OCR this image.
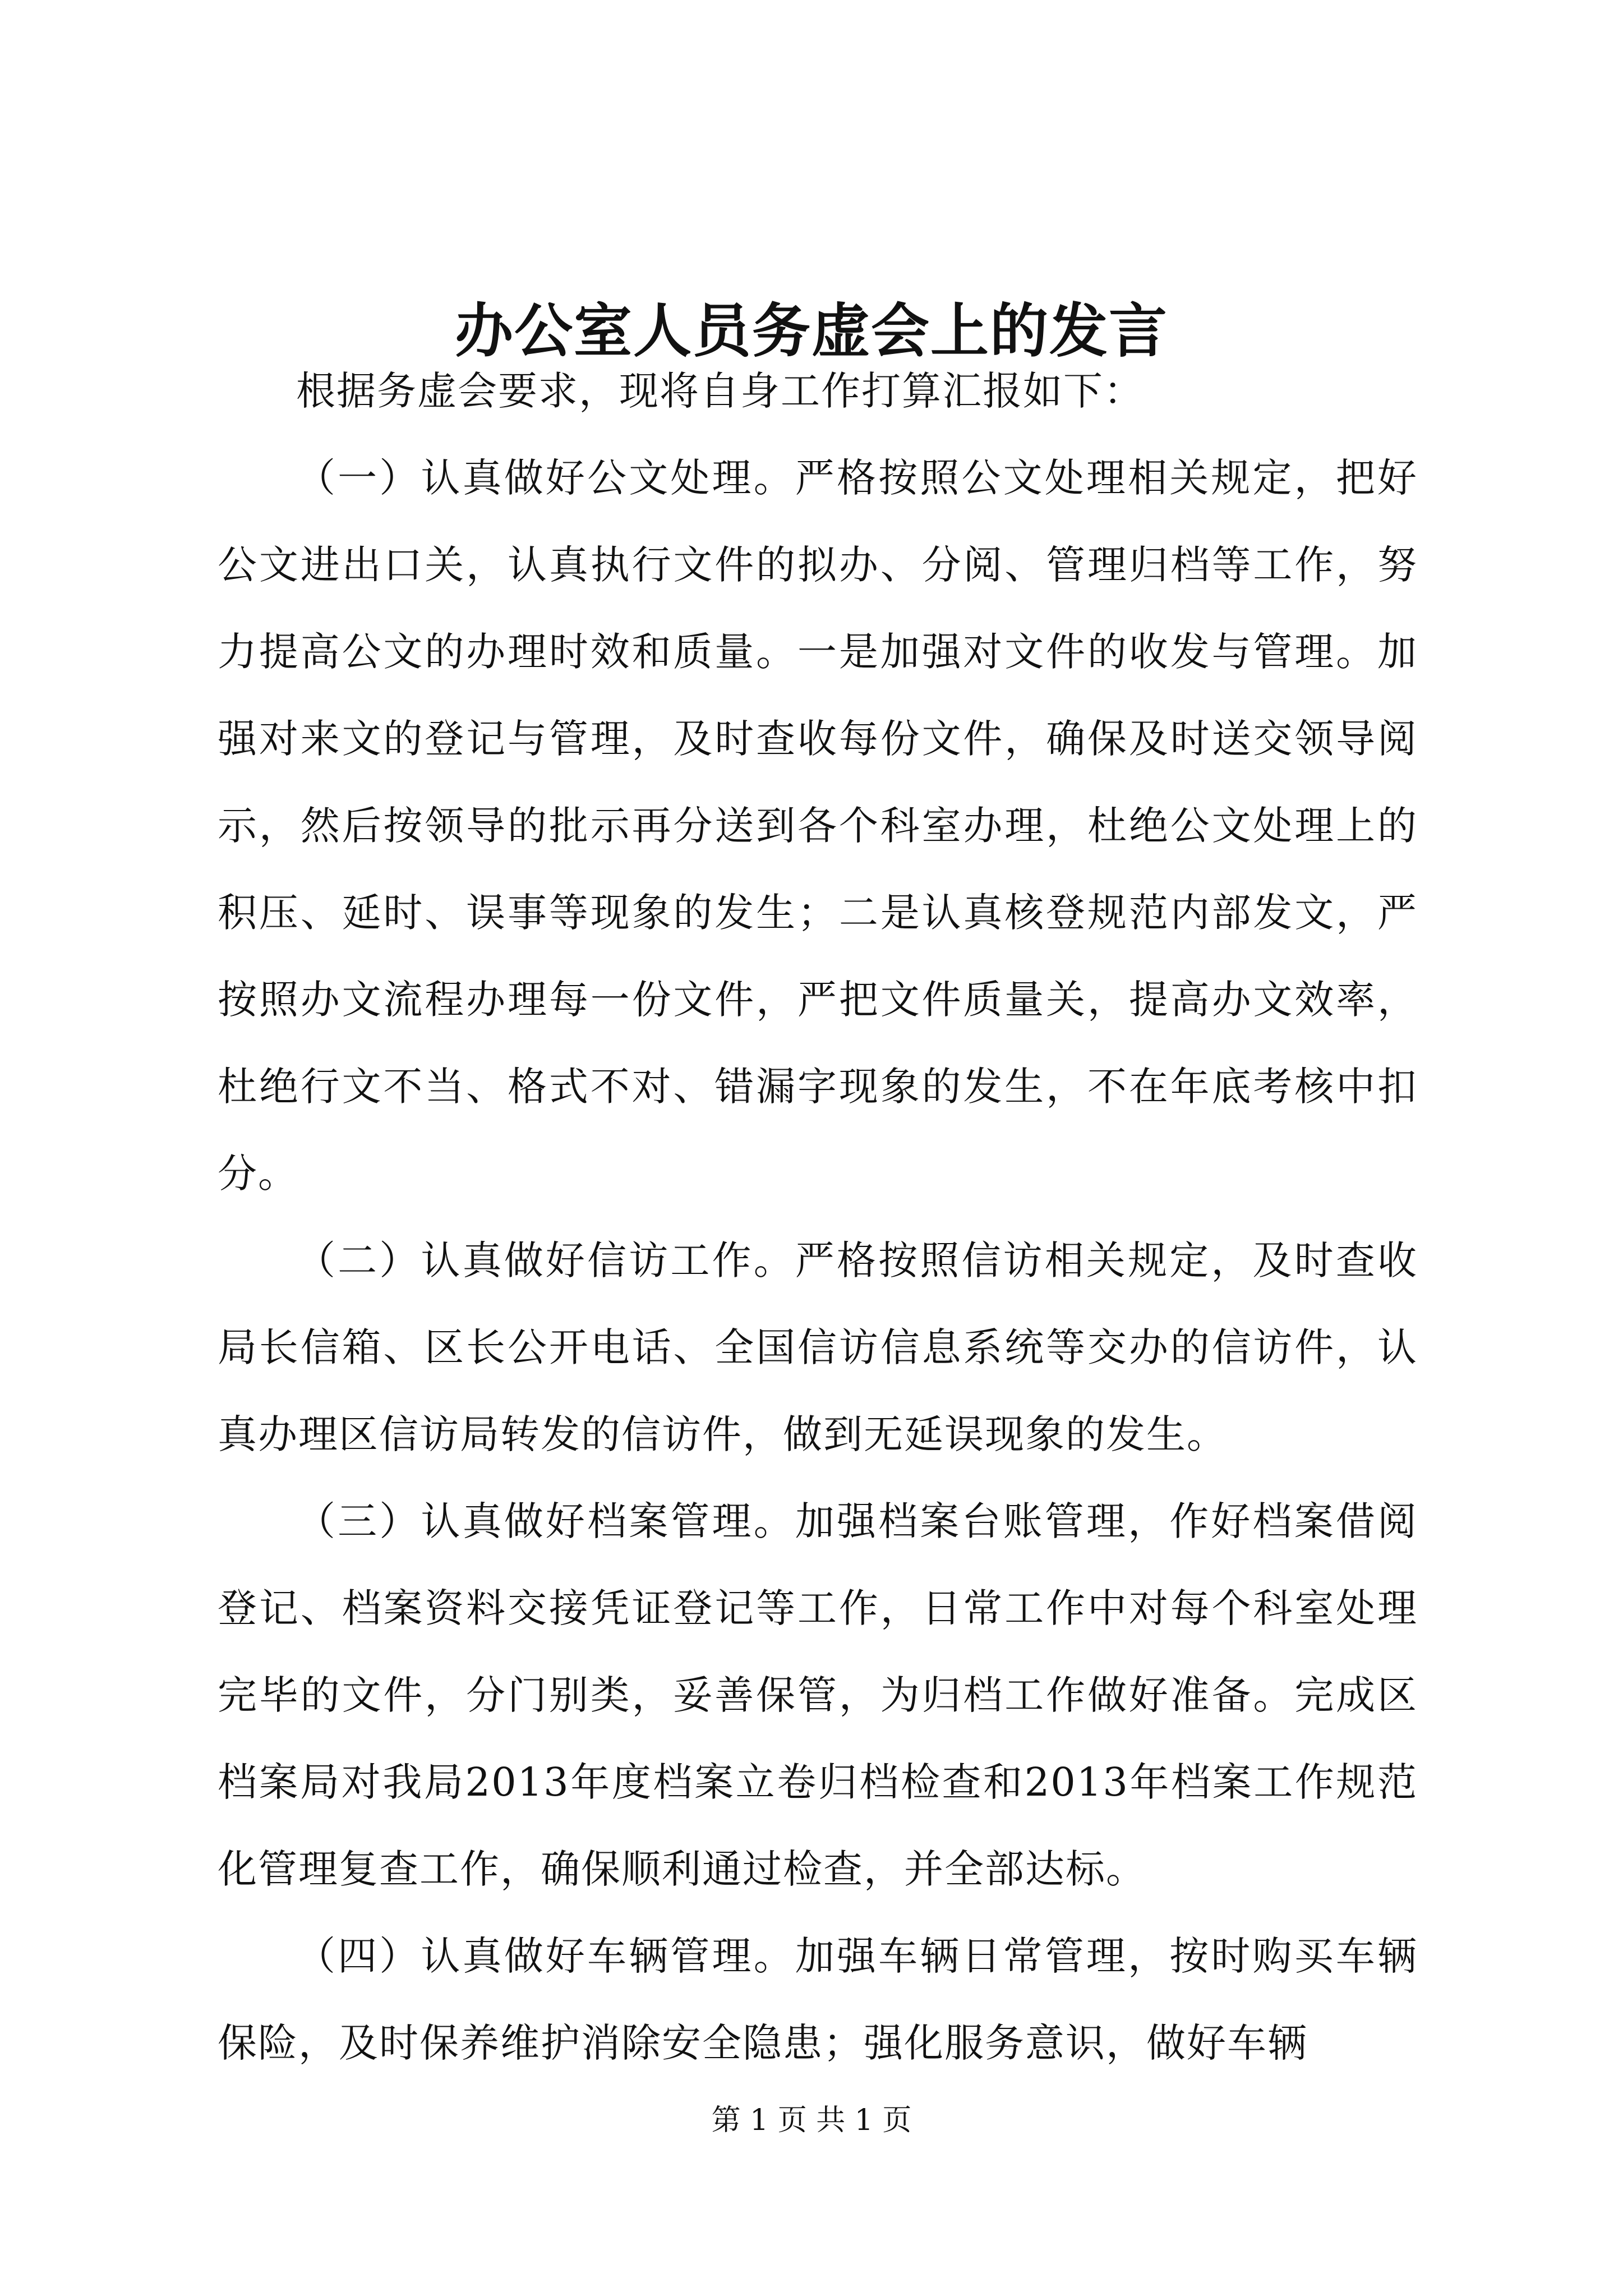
办公室人员务虚会上的发言

根据务虚会要求，现将自身工作打算汇报如下：

（一）认真做好公文处理。严格按照公文处理相关规定，把好公文进出口关，认真执行文件的拟办、分阅、管理归档等工作，努力提高公文的办理时效和质量。一是加强对文件的收发与管理。加强对来文的登记与管理，及时查收每份文件，确保及时送交领导阅示，然后按领导的批示再分送到各个科室办理，杜绝公文处理上的积压、延时、误事等现象的发生；二是认真核登规范内部发文，严按照办文流程办理每一份文件，严把文件质量关，提高办文效率，杜绝行文不当、格式不对、错漏字现象的发生，不在年底考核中扣分。

（二）认真做好信访工作。严格按照信访相关规定，及时查收局长信箱、区长公开电话、全国信访信息系统等交办的信访件，认真办理区信访局转发的信访件，做到无延误现象的发生。

（三）认真做好档案管理。加强档案台账管理，作好档案借阅登记、档案资料交接凭证登记等工作，日常工作中对每个科室处理完毕的文件，分门别类，妥善保管，为归档工作做好准备。完成区档案局对我局2013年度档案立卷归档检查和2013年档案工作规范化管理复查工作，确保顺利通过检查，并全部达标。

（四）认真做好车辆管理。加强车辆日常管理，按时购买车辆保险，及时保养维护消除安全隐患；强化服务意识，做好车辆

第 1 页 共 1 页
